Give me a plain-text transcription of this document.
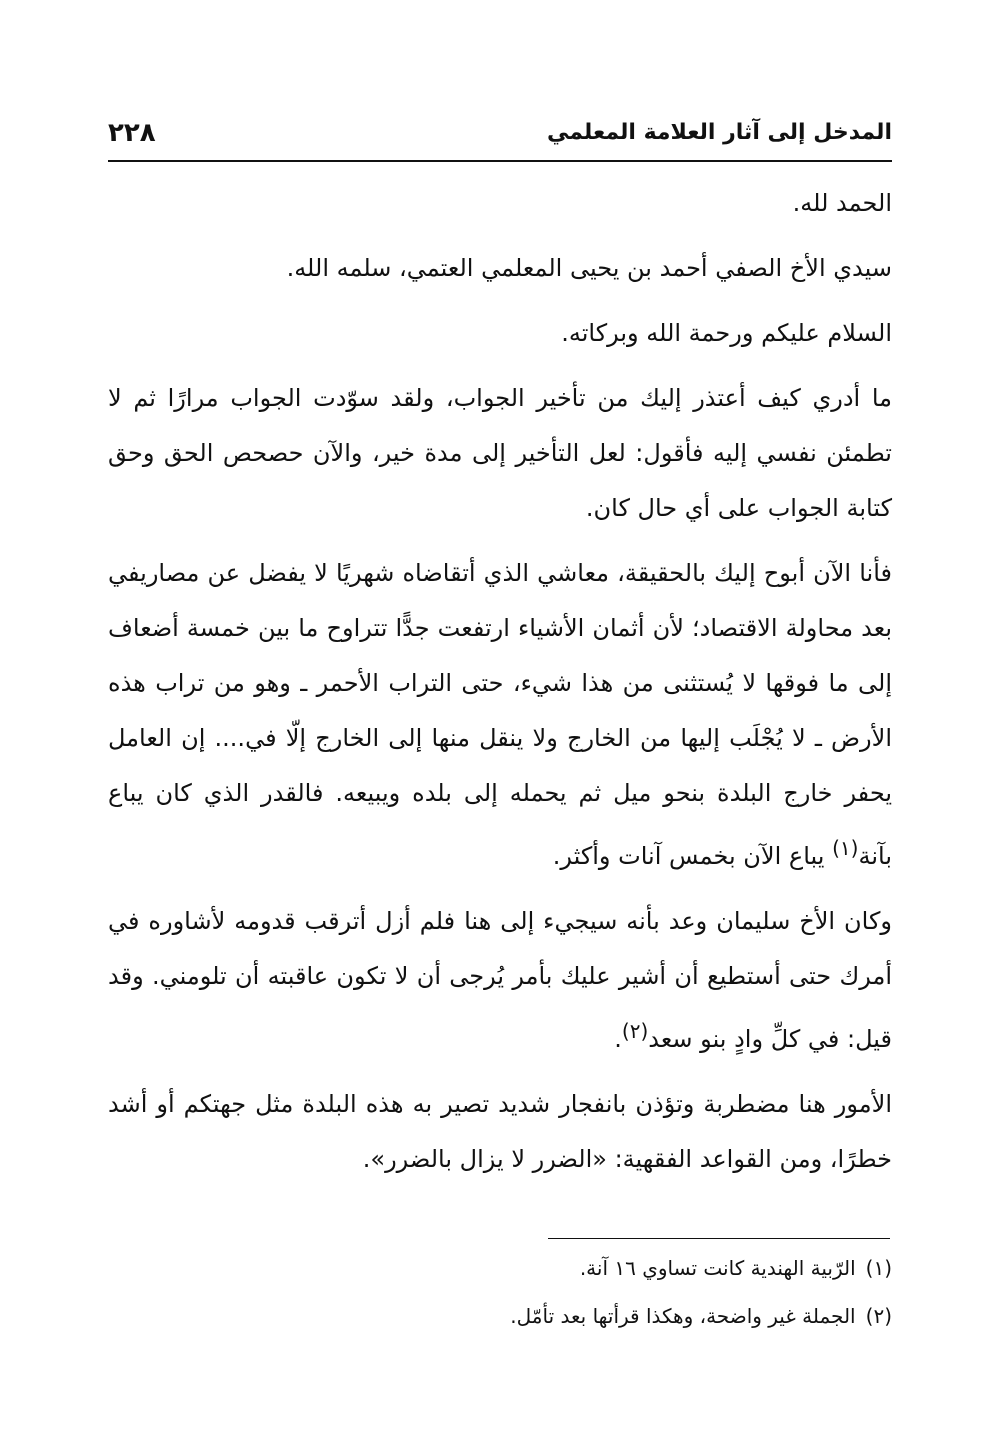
المدخل إلى آثار العلامة المعلمي
٢٢٨

الحمد لله.

سيدي الأخ الصفي أحمد بن يحيى المعلمي العتمي، سلمه الله.

السلام عليكم ورحمة الله وبركاته.

ما أدري كيف أعتذر إليك من تأخير الجواب، ولقد سوّدت الجواب مرارًا ثم لا تطمئن نفسي إليه فأقول: لعل التأخير إلى مدة خير، والآن حصحص الحق وحق كتابة الجواب على أي حال كان.

فأنا الآن أبوح إليك بالحقيقة، معاشي الذي أتقاضاه شهريًا لا يفضل عن مصاريفي بعد محاولة الاقتصاد؛ لأن أثمان الأشياء ارتفعت جدًّا تتراوح ما بين خمسة أضعاف إلى ما فوقها لا يُستثنى من هذا شيء، حتى التراب الأحمر ـ وهو من تراب هذه الأرض ـ لا يُجْلَب إليها من الخارج ولا ينقل منها إلى الخارج إلّا في.... إن العامل يحفر خارج البلدة بنحو ميل ثم يحمله إلى بلده ويبيعه. فالقدر الذي كان يباع بآنة$^{(١)}$ يباع الآن بخمس آنات وأكثر.

وكان الأخ سليمان وعد بأنه سيجيء إلى هنا فلم أزل أترقب قدومه لأشاوره في أمرك حتى أستطيع أن أشير عليك بأمر يُرجى أن لا تكون عاقبته أن تلومني. وقد قيل: في كلِّ وادٍ بنو سعد$^{(٢)}$.

الأمور هنا مضطربة وتؤذن بانفجار شديد تصير به هذه البلدة مثل جهتكم أو أشد خطرًا، ومن القواعد الفقهية: «الضرر لا يزال بالضرر».

(١)الرّبية الهندية كانت تساوي ١٦ آنة.
(٢)الجملة غير واضحة، وهكذا قرأتها بعد تأمّل.
